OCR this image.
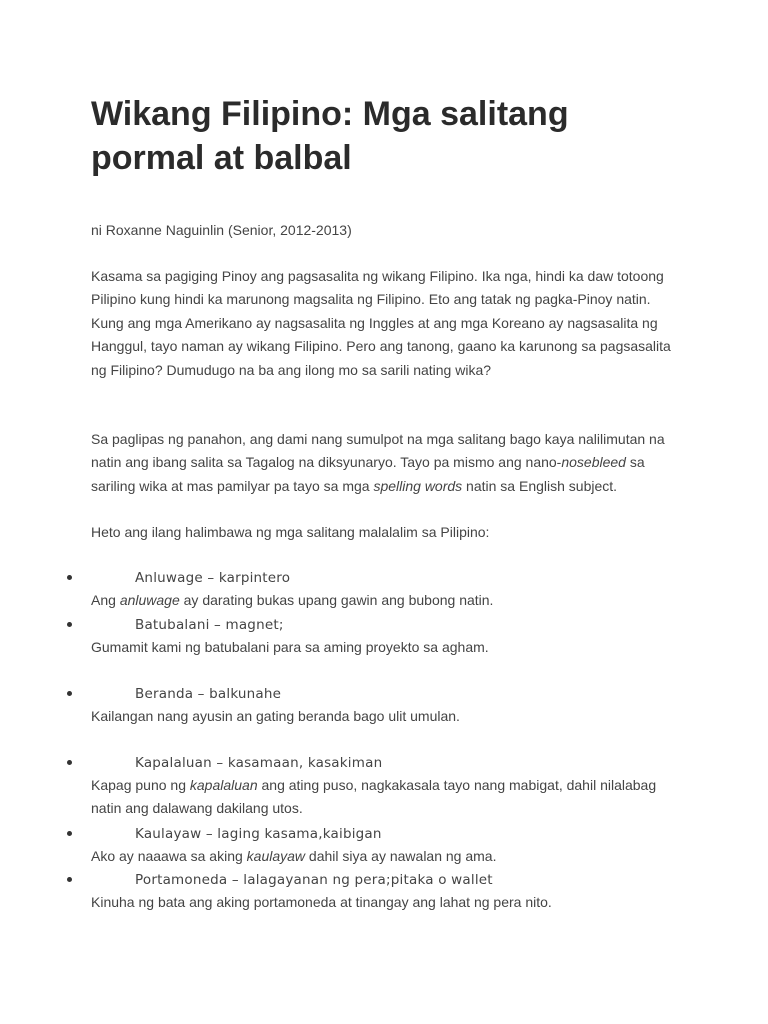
Wikang Filipino: Mga salitang pormal at balbal

ni Roxanne Naguinlin (Senior, 2012-2013)

Kasama sa pagiging Pinoy ang pagsasalita ng wikang Filipino. Ika nga, hindi ka daw totoong Pilipino kung hindi ka marunong magsalita ng Filipino. Eto ang tatak ng pagka-Pinoy natin. Kung ang mga Amerikano ay nagsasalita ng Inggles at ang mga Koreano ay nagsasalita ng Hanggul, tayo naman ay wikang Filipino. Pero ang tanong, gaano ka karunong sa pagsasalita ng Filipino? Dumudugo na ba ang ilong mo sa sarili nating wika?

Sa paglipas ng panahon, ang dami nang sumulpot na mga salitang bago kaya nalilimutan na natin ang ibang salita sa Tagalog na diksyunaryo. Tayo pa mismo ang nano-nosebleed sa sariling wika at mas pamilyar pa tayo sa mga spelling words natin sa English subject.

Heto ang ilang halimbawa ng mga salitang malalalim sa Pilipino:

Anluwage – karpintero

Ang anluwage ay darating bukas upang gawin ang bubong natin.

Batubalani – magnet;

Gumamit kami ng batubalani para sa aming proyekto sa agham.

Beranda – balkunahe

Kailangan nang ayusin an gating beranda bago ulit umulan.

Kapalaluan – kasamaan, kasakiman

Kapag puno ng kapalaluan ang ating puso, nagkakasala tayo nang mabigat, dahil nilalabag natin ang dalawang dakilang utos.

Kaulayaw – laging kasama,kaibigan

Ako ay naaawa sa aking kaulayaw dahil siya ay nawalan ng ama.

Portamoneda – lalagayanan ng pera;pitaka o wallet

Kinuha ng bata ang aking portamoneda at tinangay ang lahat ng pera nito.
